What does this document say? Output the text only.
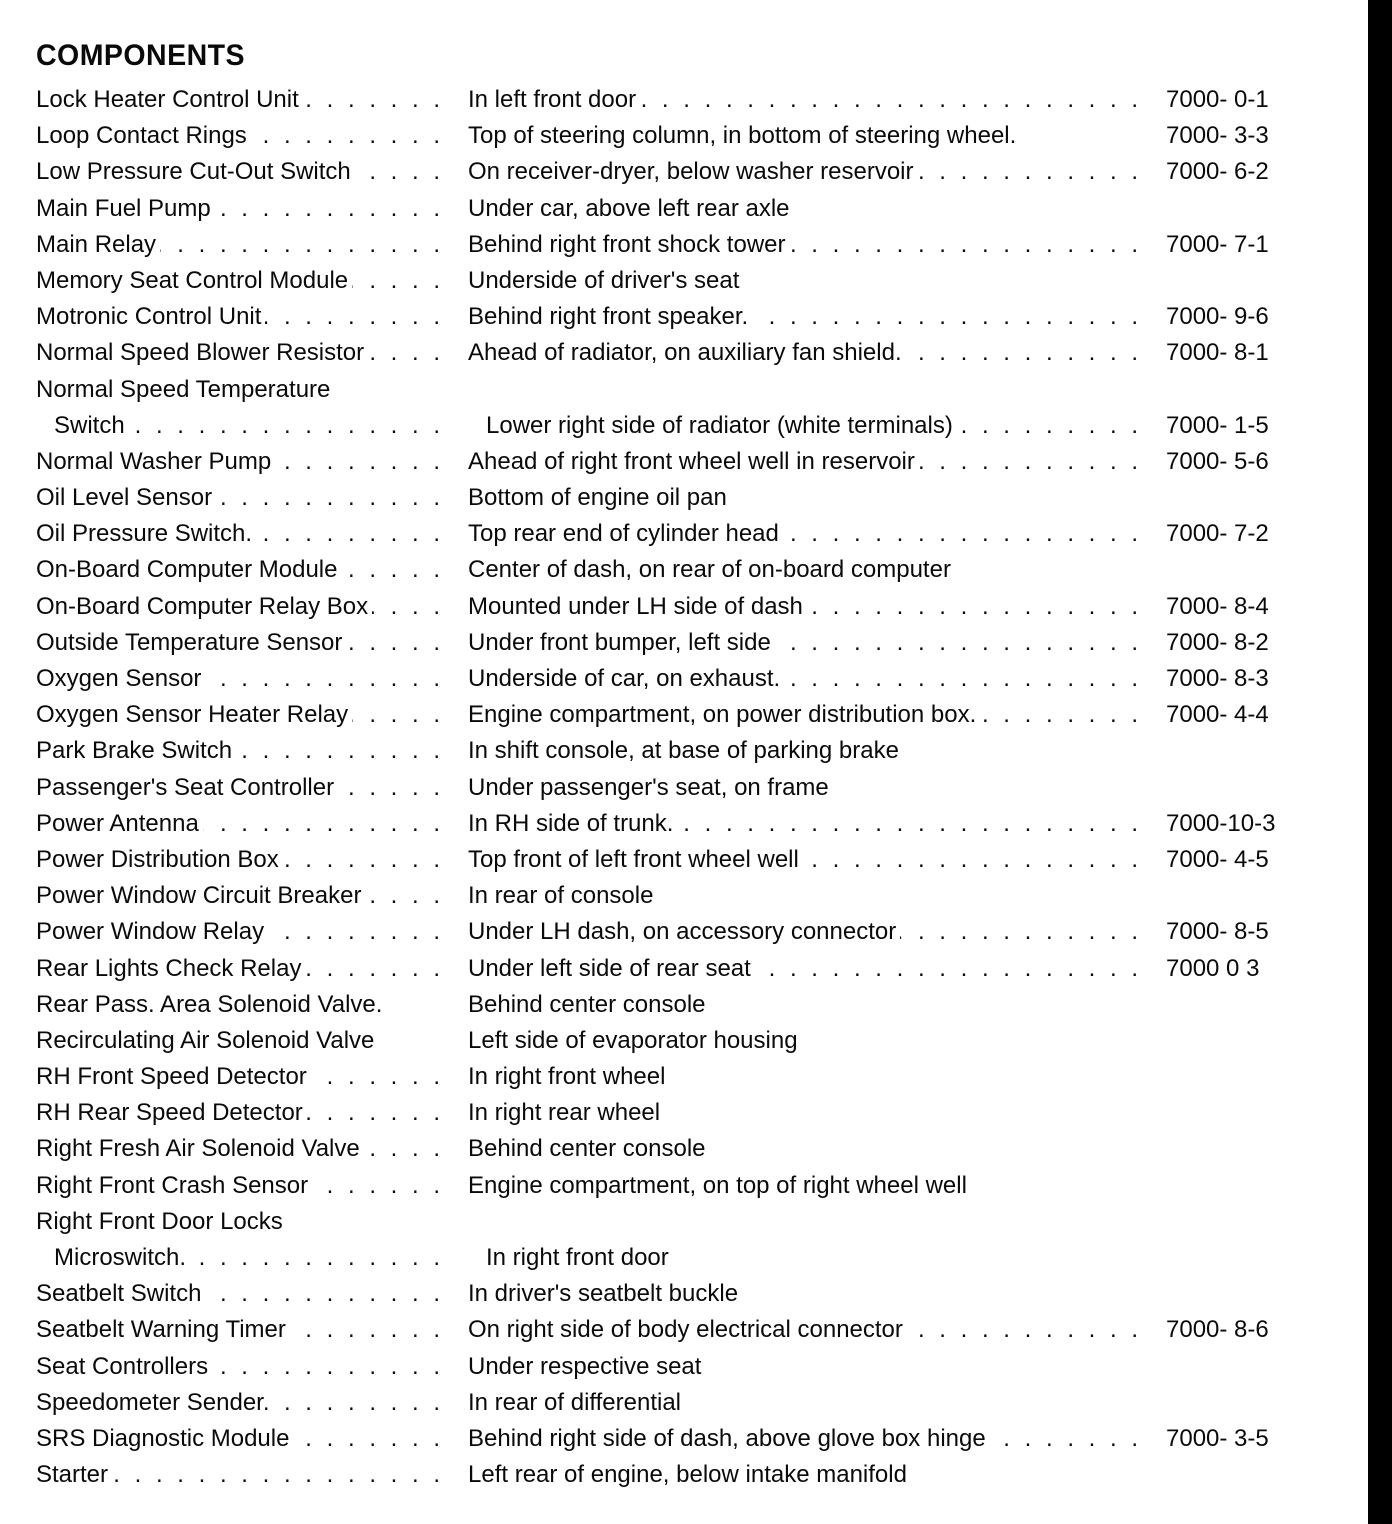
COMPONENTS
Lock Heater Control Unit . . .	In left front door . . .	7000- 0-1
Loop Contact Rings . . .	Top of steering column, in bottom of steering wheel.	7000- 3-3
Low Pressure Cut-Out Switch . . .	On receiver-dryer, below washer reservoir . . .	7000- 6-2
Main Fuel Pump . . .	Under car, above left rear axle
Main Relay . . .	Behind right front shock tower . . .	7000- 7-1
Memory Seat Control Module . . .	Underside of driver's seat
Motronic Control Unit . . .	Behind right front speaker. . . .	7000- 9-6
Normal Speed Blower Resistor . . .	Ahead of radiator, on auxiliary fan shield. . . .	7000- 8-1
Normal Speed Temperature
Switch . . .	Lower right side of radiator (white terminals) . . .	7000- 1-5
Normal Washer Pump . . .	Ahead of right front wheel well in reservoir . . .	7000- 5-6
Oil Level Sensor . . .	Bottom of engine oil pan
Oil Pressure Switch. . . .	Top rear end of cylinder head . . .	7000- 7-2
On-Board Computer Module . . .	Center of dash, on rear of on-board computer
On-Board Computer Relay Box . . .	Mounted under LH side of dash . . .	7000- 8-4
Outside Temperature Sensor . . .	Under front bumper, left side . . .	7000- 8-2
Oxygen Sensor . . .	Underside of car, on exhaust. . . .	7000- 8-3
Oxygen Sensor Heater Relay . . .	Engine compartment, on power distribution box. . . .	7000- 4-4
Park Brake Switch . . .	In shift console, at base of parking brake
Passenger's Seat Controller . . .	Under passenger's seat, on frame
Power Antenna . . .	In RH side of trunk. . . .	7000-10-3
Power Distribution Box . . .	Top front of left front wheel well . . .	7000- 4-5
Power Window Circuit Breaker . . .	In rear of console
Power Window Relay . . .	Under LH dash, on accessory connector . . .	7000- 8-5
Rear Lights Check Relay . . .	Under left side of rear seat . . .	7000 0 3
Rear Pass. Area Solenoid Valve.	Behind center console
Recirculating Air Solenoid Valve	Left side of evaporator housing
RH Front Speed Detector . . .	In right front wheel
RH Rear Speed Detector . . .	In right rear wheel
Right Fresh Air Solenoid Valve . . .	Behind center console
Right Front Crash Sensor . . .	Engine compartment, on top of right wheel well
Right Front Door Locks
Microswitch. . . .	In right front door
Seatbelt Switch . . .	In driver's seatbelt buckle
Seatbelt Warning Timer . . .	On right side of body electrical connector . . .	7000- 8-6
Seat Controllers . . .	Under respective seat
Speedometer Sender. . . .	In rear of differential
SRS Diagnostic Module . . .	Behind right side of dash, above glove box hinge . . .	7000- 3-5
Starter . . .	Left rear of engine, below intake manifold
